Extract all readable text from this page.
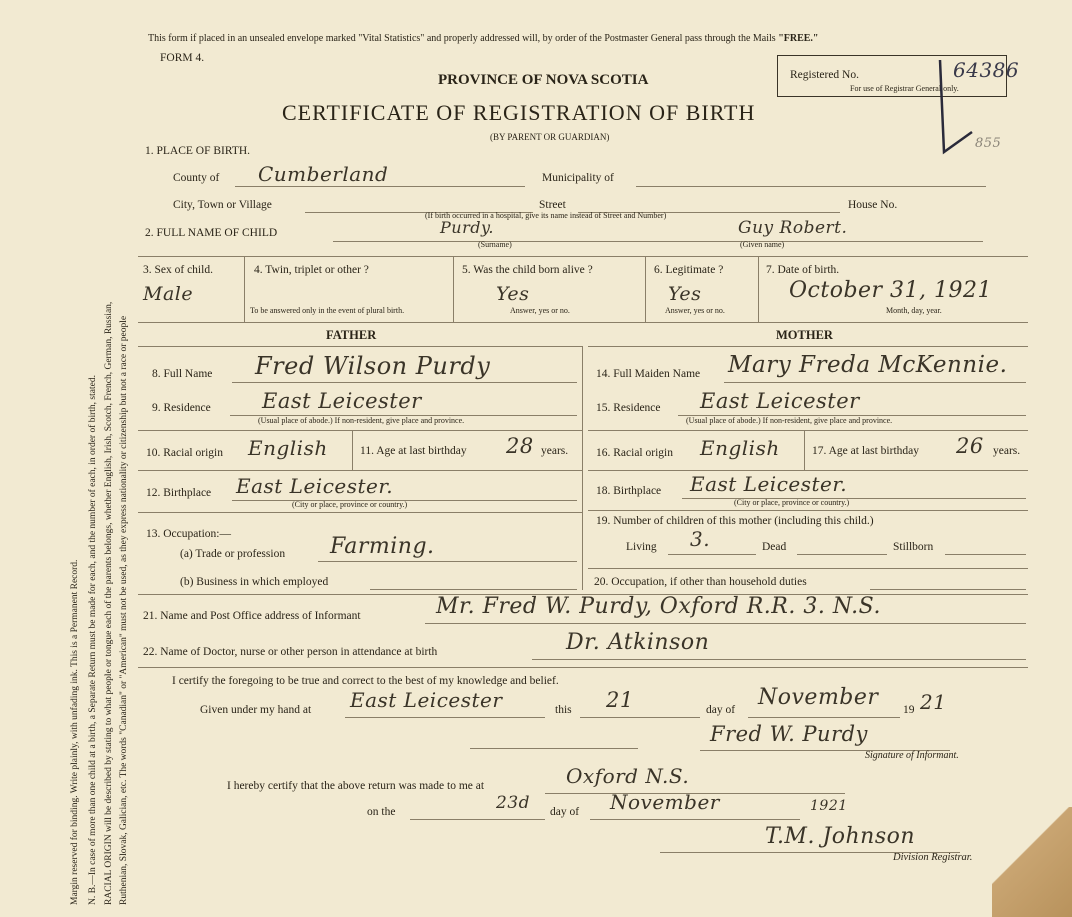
Margin reserved for binding. Write plainly, with unfading ink. This is a Permanent Record. N. B.—In case of more than one child at a birth, a Separate Return must be made for each, and the number of each, in order of birth, stated. RACIAL ORIGIN will be described by stating to what people or tongue each of the parents belongs, whether English, Irish, Scotch, French, German, Russian, Ruthenian, Slovak, Galician, etc. The words "Canadian" or "American" must not be used, as they express nationality or citizenship but not a race or people
This form if placed in an unsealed envelope marked "Vital Statistics" and properly addressed will, by order of the Postmaster General pass through the Mails "FREE."
FORM 4.
PROVINCE OF NOVA SCOTIA
CERTIFICATE OF REGISTRATION OF BIRTH
(BY PARENT OR GUARDIAN)
Registered No.	64386
For use of Registrar General only.
855
1. PLACE OF BIRTH.
County of Cumberland	Municipality of
City, Town or Village	Street	House No.
(If birth occurred in a hospital, give its name instead of Street and Number)
2. FULL NAME OF CHILD	Purdy.
(Surname)
Guy Robert.
(Given name)
3. Sex of child.
Male
4. Twin, triplet or other ?
To be answered only in the event of plural birth.
5. Was the child born alive ?
Yes
Answer, yes or no.
6. Legitimate ?
Yes
Answer, yes or no.
7. Date of birth.
October 31, 1921
Month, day, year.
FATHER	MOTHER
8. Full Name Fred Wilson Purdy
9. Residence East Leicester
(Usual place of abode.) If non-resident, give place and province.
10. Racial origin English	11. Age at last birthday 28 years.
12. Birthplace East Leicester.
(City or place, province or country.)
13. Occupation:—
(a) Trade or profession Farming.
(b) Business in which employed
14. Full Maiden Name Mary Freda McKennie.
15. Residence East Leicester
(Usual place of abode.) If non-resident, give place and province.
16. Racial origin English	17. Age at last birthday 26 years.
18. Birthplace East Leicester.
(City or place, province or country.)
19. Number of children of this mother (including this child.)
Living 3.	Dead	Stillborn
20. Occupation, if other than household duties
21. Name and Post Office address of Informant	Mr. Fred W. Purdy, Oxford R.R. 3. N.S.
22. Name of Doctor, nurse or other person in attendance at birth	Dr. Atkinson
I certify the foregoing to be true and correct to the best of my knowledge and belief.
Given under my hand at East Leicester	this 21	day of November 19 21
Fred W. Purdy
Signature of Informant.
I hereby certify that the above return was made to me at	Oxford N.S.
on the	23d day of November	1921
T.M. Johnson
Division Registrar.
